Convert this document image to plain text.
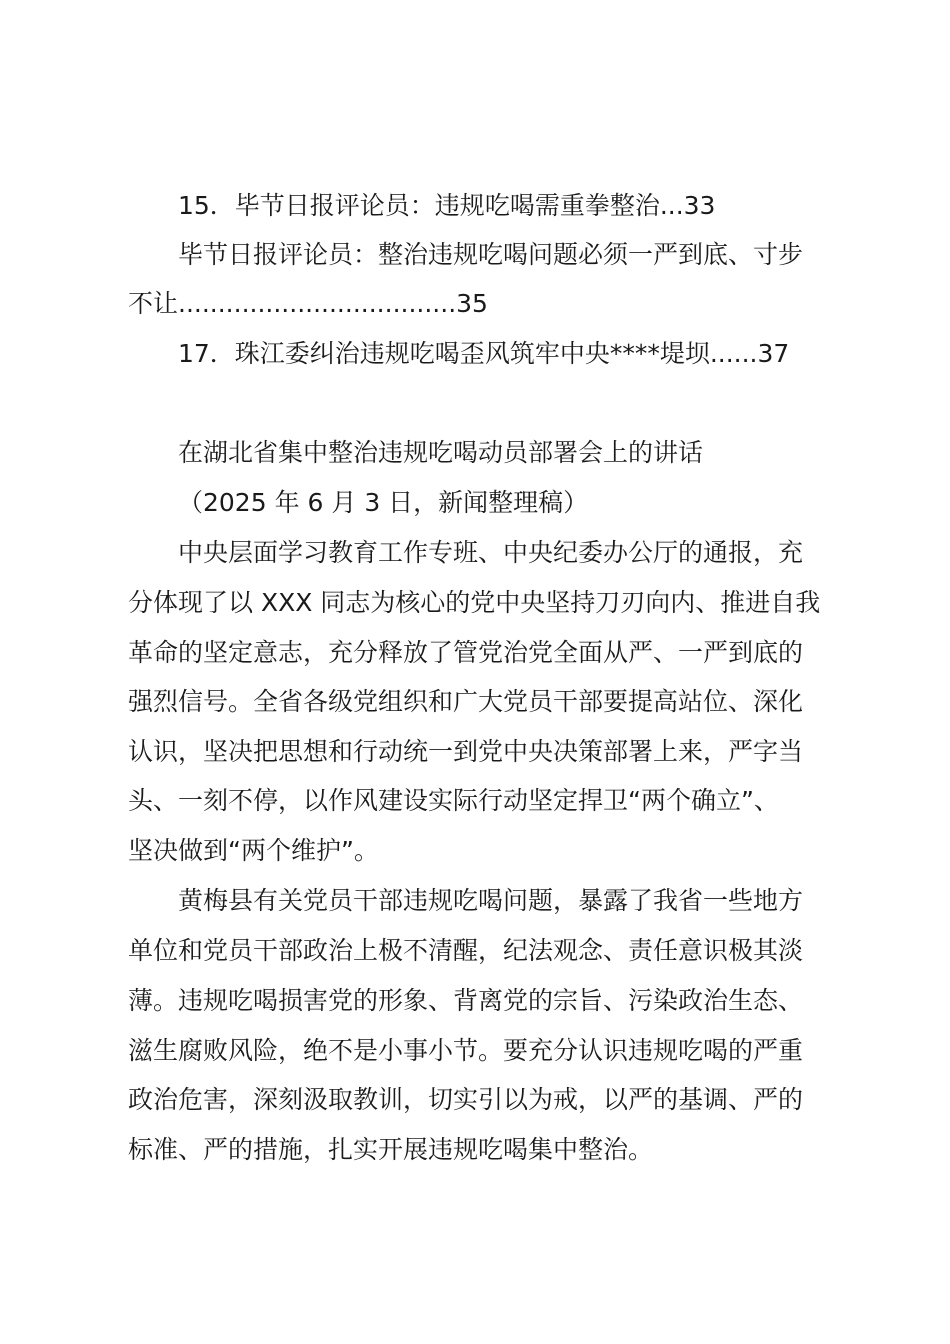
15．毕节日报评论员：违规吃喝需重拳整治...33
毕节日报评论员：整治违规吃喝问题必须一严到底、寸步
不让...................................35
17．珠江委纠治违规吃喝歪风筑牢中央****堤坝......37
在湖北省集中整治违规吃喝动员部署会上的讲话
（2025 年 6 月 3 日，新闻整理稿）
中央层面学习教育工作专班、中央纪委办公厅的通报，充
分体现了以 XXX 同志为核心的党中央坚持刀刃向内、推进自我
革命的坚定意志，充分释放了管党治党全面从严、一严到底的
强烈信号。全省各级党组织和广大党员干部要提高站位、深化
认识，坚决把思想和行动统一到党中央决策部署上来，严字当
头、一刻不停，以作风建设实际行动坚定捍卫“两个确立”、
坚决做到“两个维护”。
黄梅县有关党员干部违规吃喝问题，暴露了我省一些地方
单位和党员干部政治上极不清醒，纪法观念、责任意识极其淡
薄。违规吃喝损害党的形象、背离党的宗旨、污染政治生态、
滋生腐败风险，绝不是小事小节。要充分认识违规吃喝的严重
政治危害，深刻汲取教训，切实引以为戒，以严的基调、严的
标准、严的措施，扎实开展违规吃喝集中整治。
